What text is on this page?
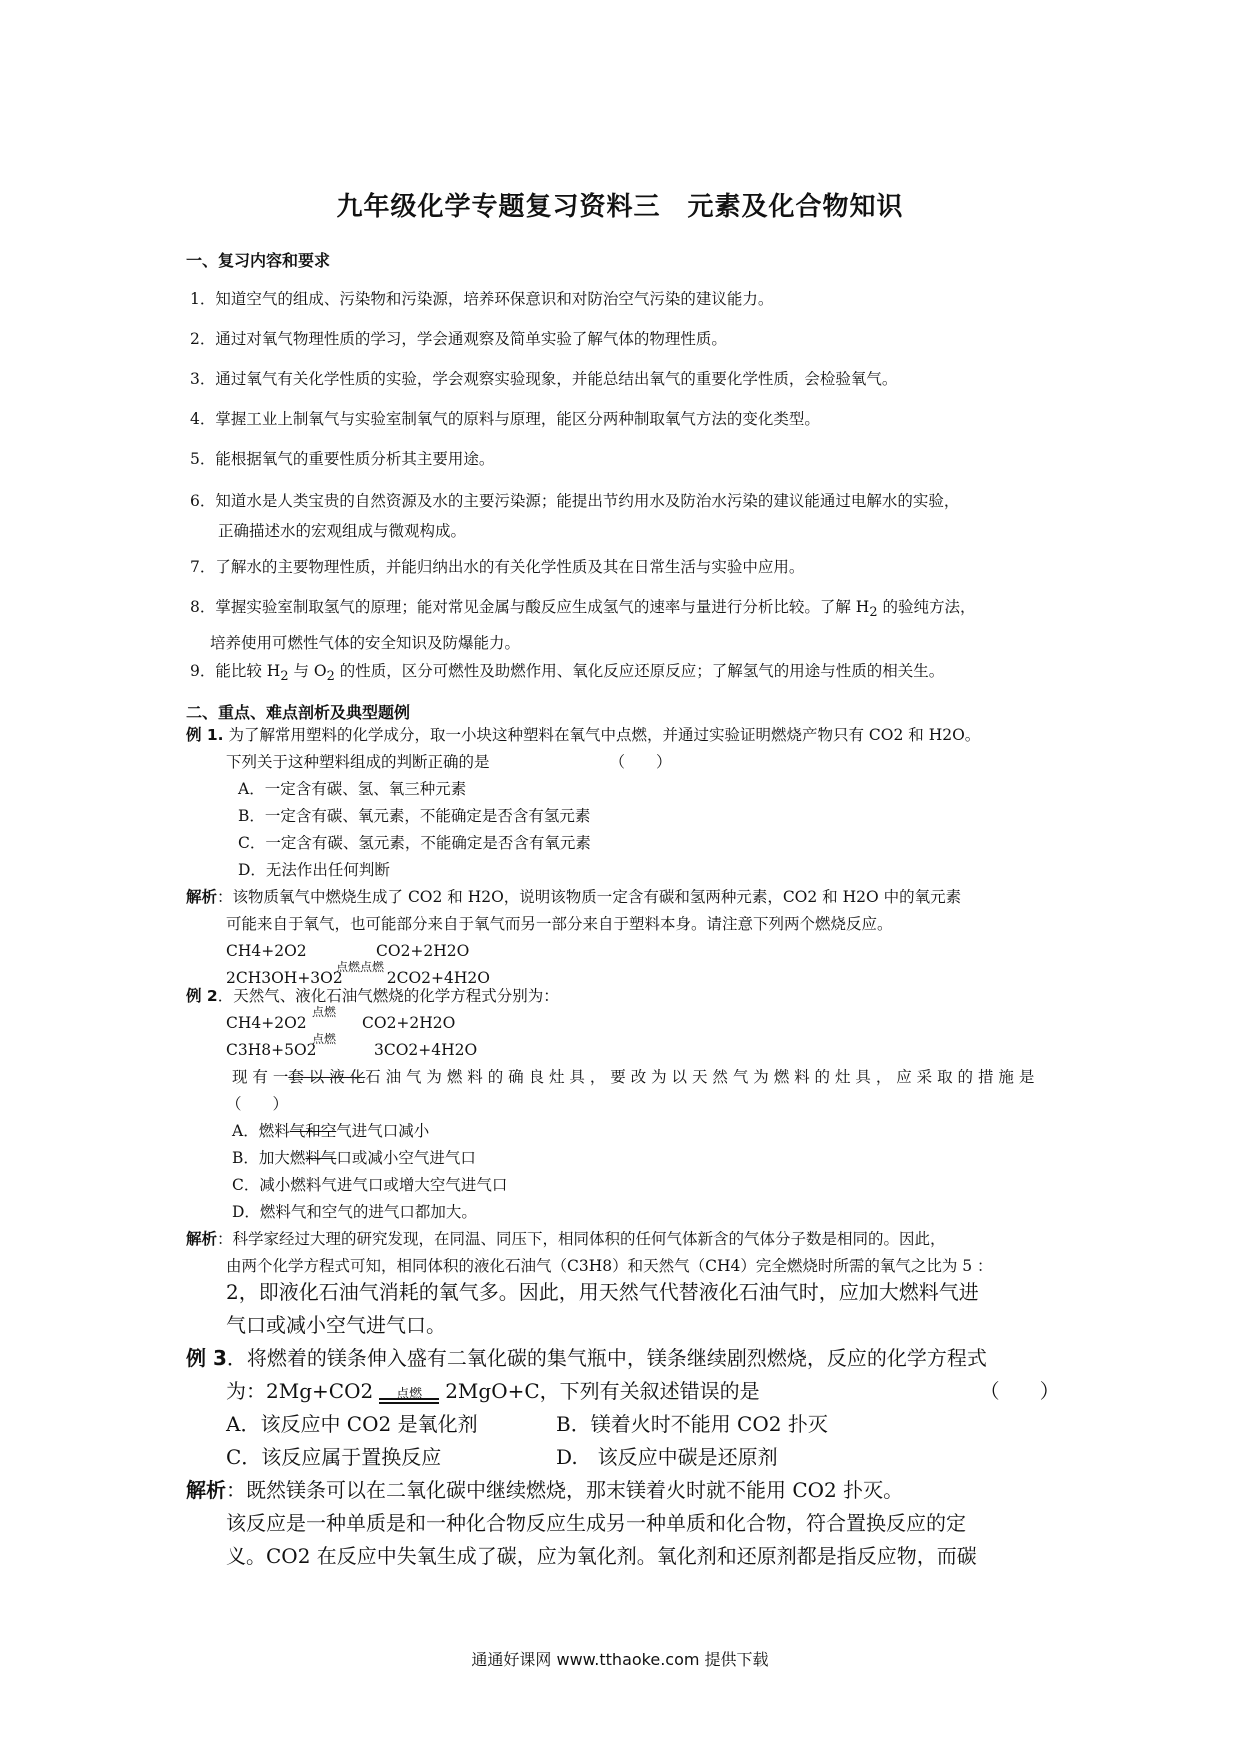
九年级化学专题复习资料三　元素及化合物知识
一、复习内容和要求
1．知道空气的组成、污染物和污染源，培养环保意识和对防治空气污染的建议能力。
2．通过对氧气物理性质的学习，学会通观察及简单实验了解气体的物理性质。
3．通过氧气有关化学性质的实验，学会观察实验现象，并能总结出氧气的重要化学性质，会检验氧气。
4．掌握工业上制氧气与实验室制氧气的原料与原理，能区分两种制取氧气方法的变化类型。
5．能根据氧气的重要性质分析其主要用途。
6．知道水是人类宝贵的自然资源及水的主要污染源；能提出节约用水及防治水污染的建议能通过电解水的实验，
正确描述水的宏观组成与微观构成。
7．了解水的主要物理性质，并能归纳出水的有关化学性质及其在日常生活与实验中应用。
8．掌握实验室制取氢气的原理；能对常见金属与酸反应生成氢气的速率与量进行分析比较。了解 $H_2$ 的验纯方法，
培养使用可燃性气体的安全知识及防爆能力。
9．能比较 $H_2$ 与 $O_2$ 的性质，区分可燃性及助燃作用、氧化反应还原反应；了解氢气的用途与性质的相关生。
二、重点、难点剖析及典型题例
例 1. 为了解常用塑料的化学成分，取一小块这种塑料在氧气中点燃，并通过实验证明燃烧产物只有 CO2 和 H2O。
下列关于这种塑料组成的判断正确的是	（　　）
A．一定含有碳、氢、氧三种元素
B．一定含有碳、氧元素，不能确定是否含有氢元素
C．一定含有碳、氢元素，不能确定是否含有氧元素
D．无法作出任何判断
解析：该物质氧气中燃烧生成了 CO2 和 H2O，说明该物质一定含有碳和氢两种元素，CO2 和 H2O 中的氧元素
可能来自于氧气，也可能部分来自于氧气而另一部分来自于塑料本身。请注意下列两个燃烧反应。
CH4+2O2	CO2+2H2O
2CH3OH+3O2
点燃点燃
2CO2+4H2O
例 2．天然气、液化石油气燃烧的化学方程式分别为：
CH4+2O2
点燃
CO2+2H2O
C3H8+5O2
点燃
3CO2+4H2O
现 有 一套 以 液 化石 油 气 为 燃 料 的 确 良 灶 具 ， 要 改 为 以 天 然 气 为 燃 料 的 灶 具 ， 应 采 取 的 措 施 是
（　　）
A．燃料气和空气进气口减小
B．加大燃料气口或减小空气进气口
C．减小燃料气进气口或增大空气进气口
D．燃料气和空气的进气口都加大。
解析：科学家经过大理的研究发现，在同温、同压下，相同体积的任何气体新含的气体分子数是相同的。因此，
由两个化学方程式可知，相同体积的液化石油气（C3H8）和天然气（CH4）完全燃烧时所需的氧气之比为 5 ：
2，即液化石油气消耗的氧气多。因此，用天然气代替液化石油气时，应加大燃料气进
气口或减小空气进气口。
例 3．将燃着的镁条伸入盛有二氧化碳的集气瓶中，镁条继续剧烈燃烧，反应的化学方程式
为：2Mg+CO2	点燃	2MgO+C，下列有关叙述错误的是	（　　）
A．该反应中 CO2 是氧化剂	B．镁着火时不能用 CO2 扑灭
C．该反应属于置换反应	D.　该反应中碳是还原剂
解析：既然镁条可以在二氧化碳中继续燃烧，那末镁着火时就不能用 CO2 扑灭。
该反应是一种单质是和一种化合物反应生成另一种单质和化合物，符合置换反应的定
义。CO2 在反应中失氧生成了碳，应为氧化剂。氧化剂和还原剂都是指反应物，而碳
通通好课网 www.tthaoke.com 提供下载
